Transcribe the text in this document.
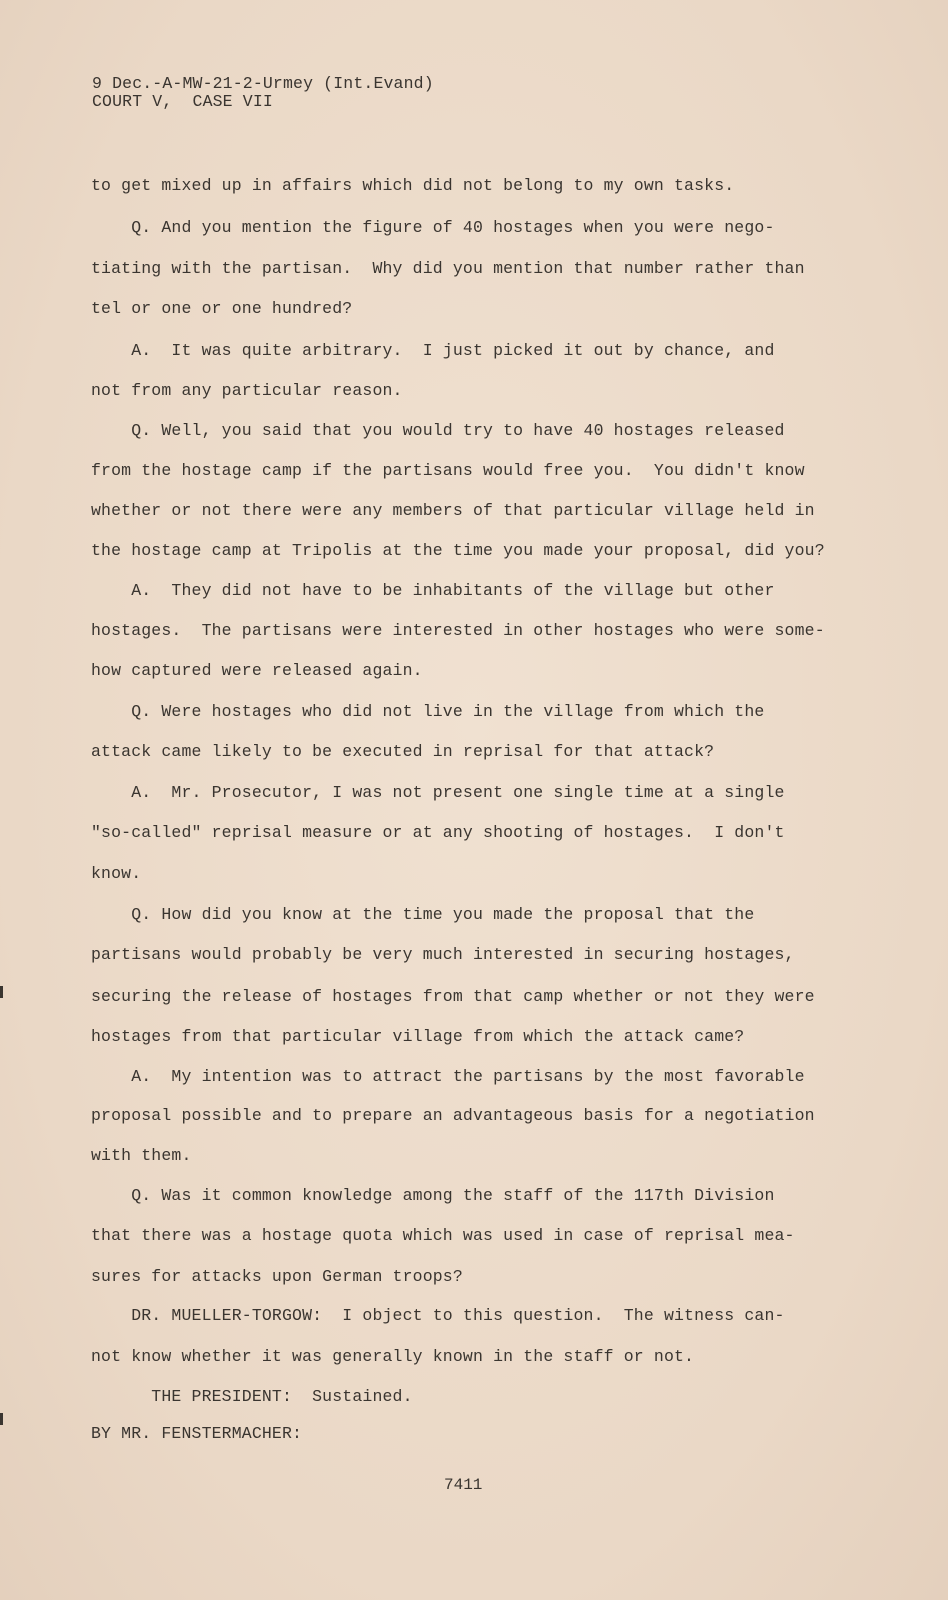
9 Dec.-A-MW-21-2-Urmey (Int.Evand)
COURT V,  CASE VII
to get mixed up in affairs which did not belong to my own tasks.
Q. And you mention the figure of 40 hostages when you were nego-
tiating with the partisan.  Why did you mention that number rather than
tel or one or one hundred?
A.  It was quite arbitrary.  I just picked it out by chance, and
not from any particular reason.
Q. Well, you said that you would try to have 40 hostages released
from the hostage camp if the partisans would free you.  You didn't know
whether or not there were any members of that particular village held in
the hostage camp at Tripolis at the time you made your proposal, did you?
A.  They did not have to be inhabitants of the village but other
hostages.  The partisans were interested in other hostages who were some-
how captured were released again.
Q. Were hostages who did not live in the village from which the
attack came likely to be executed in reprisal for that attack?
A.  Mr. Prosecutor, I was not present one single time at a single
"so-called" reprisal measure or at any shooting of hostages.  I don't
know.
Q. How did you know at the time you made the proposal that the
partisans would probably be very much interested in securing hostages,
securing the release of hostages from that camp whether or not they were
hostages from that particular village from which the attack came?
A.  My intention was to attract the partisans by the most favorable
proposal possible and to prepare an advantageous basis for a negotiation
with them.
Q. Was it common knowledge among the staff of the 117th Division
that there was a hostage quota which was used in case of reprisal mea-
sures for attacks upon German troops?
DR. MUELLER-TORGOW:  I object to this question.  The witness can-
not know whether it was generally known in the staff or not.
THE PRESIDENT:  Sustained.
BY MR. FENSTERMACHER:
7411
